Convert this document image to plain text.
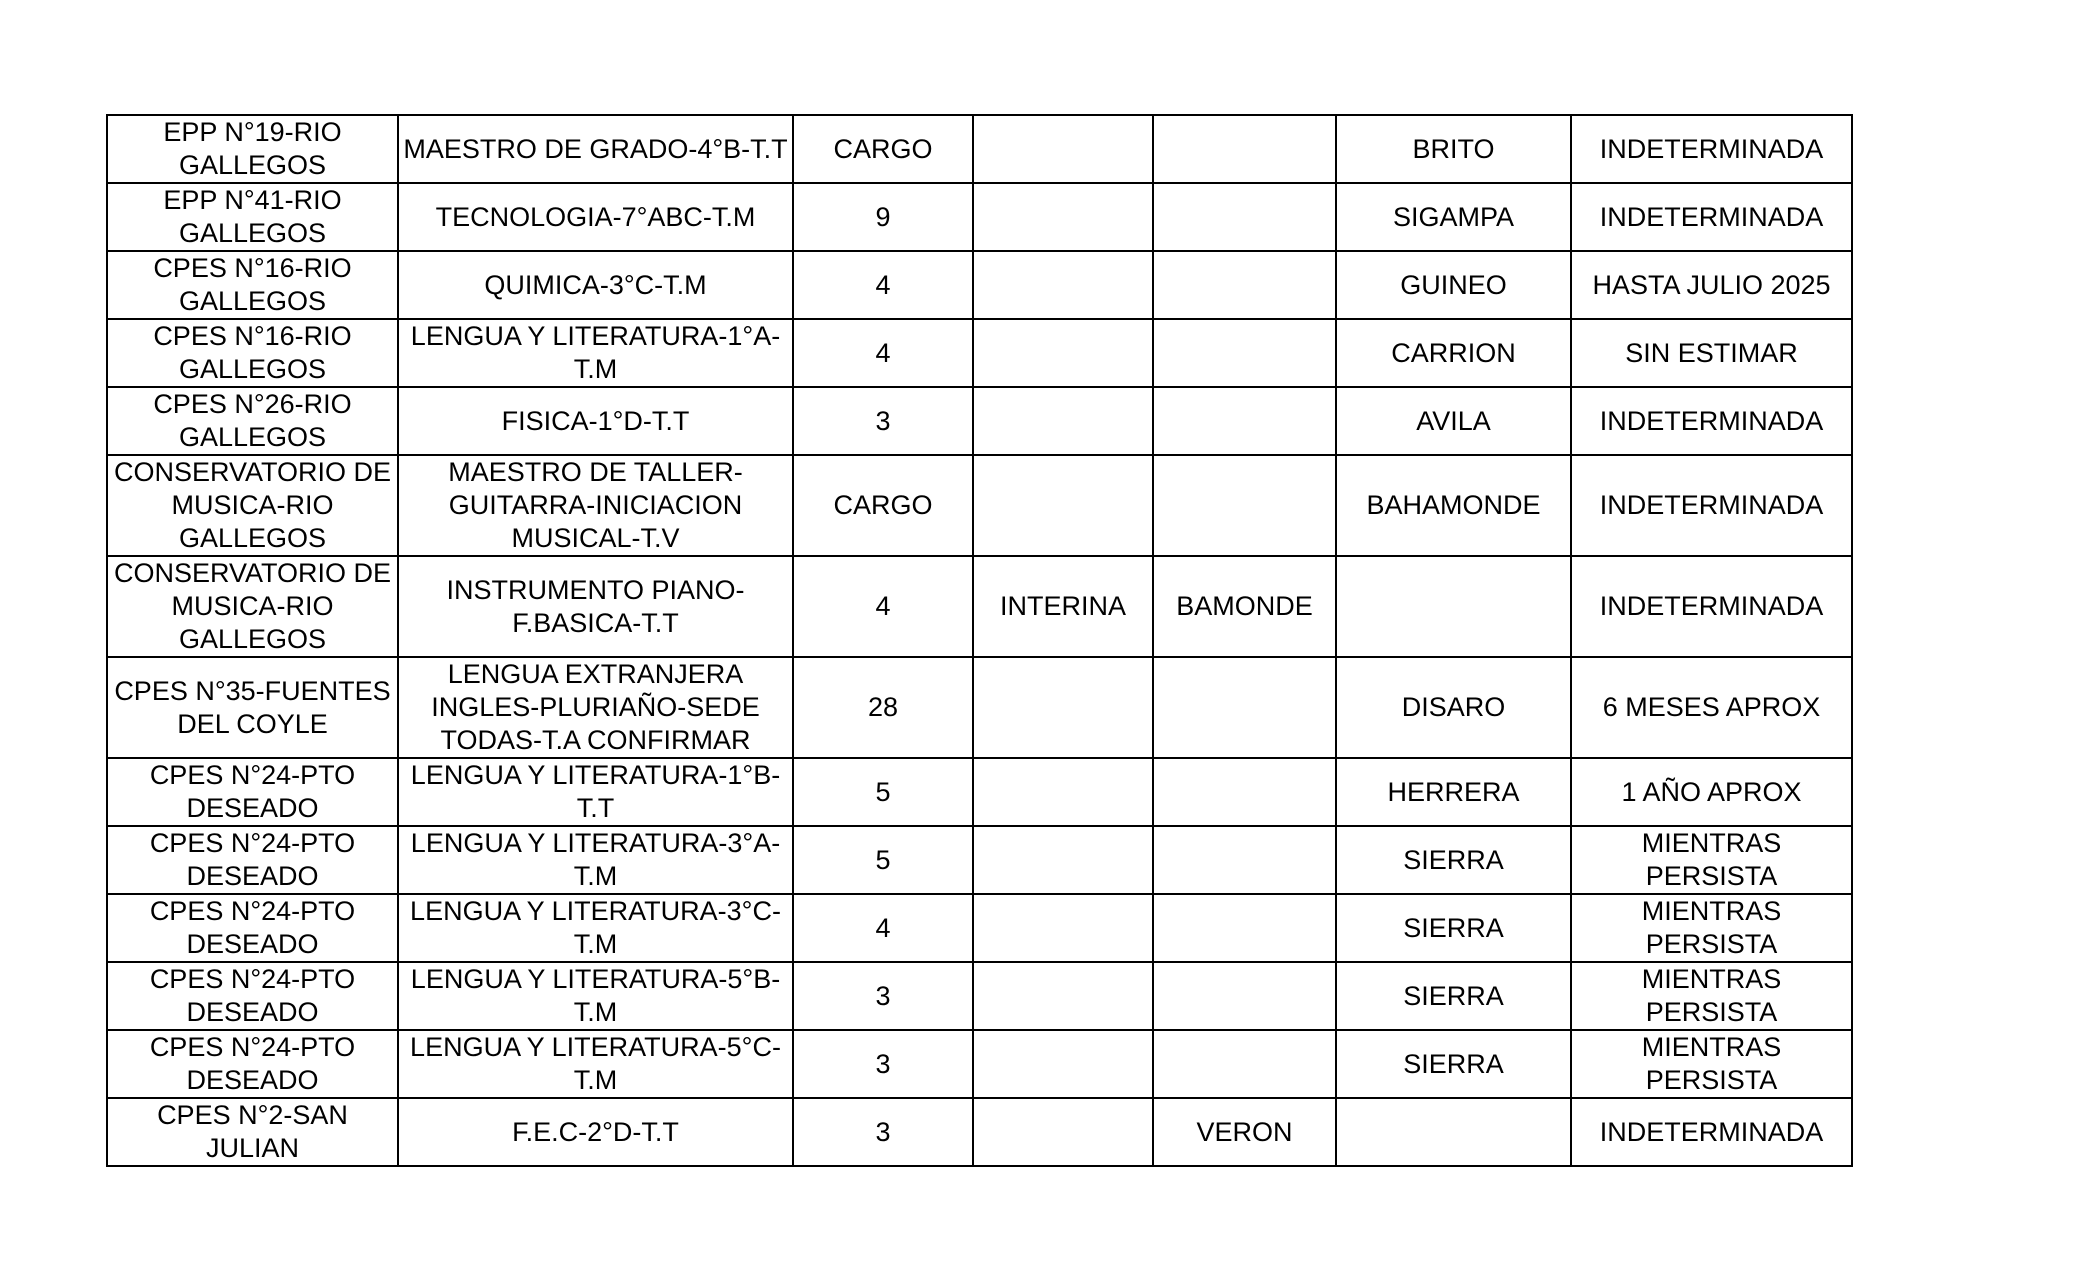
EPP N°19-RIO GALLEGOS	MAESTRO DE GRADO-4°B-T.T	CARGO			BRITO	INDETERMINADA
EPP N°41-RIO GALLEGOS	TECNOLOGIA-7°ABC-T.M	9			SIGAMPA	INDETERMINADA
CPES N°16-RIO GALLEGOS	QUIMICA-3°C-T.M	4			GUINEO	HASTA JULIO 2025
CPES N°16-RIO GALLEGOS	LENGUA Y LITERATURA-1°A-T.M	4			CARRION	SIN ESTIMAR
CPES N°26-RIO GALLEGOS	FISICA-1°D-T.T	3			AVILA	INDETERMINADA
CONSERVATORIO DE MUSICA-RIO GALLEGOS	MAESTRO DE TALLER-GUITARRA-INICIACION MUSICAL-T.V	CARGO			BAHAMONDE	INDETERMINADA
CONSERVATORIO DE MUSICA-RIO GALLEGOS	INSTRUMENTO PIANO-F.BASICA-T.T	4	INTERINA	BAMONDE		INDETERMINADA
CPES N°35-FUENTES DEL COYLE	LENGUA EXTRANJERA INGLES-PLURIAÑO-SEDE TODAS-T.A CONFIRMAR	28			DISARO	6 MESES APROX
CPES N°24-PTO DESEADO	LENGUA Y LITERATURA-1°B-T.T	5			HERRERA	1 AÑO APROX
CPES N°24-PTO DESEADO	LENGUA Y LITERATURA-3°A-T.M	5			SIERRA	MIENTRAS PERSISTA
CPES N°24-PTO DESEADO	LENGUA Y LITERATURA-3°C-T.M	4			SIERRA	MIENTRAS PERSISTA
CPES N°24-PTO DESEADO	LENGUA Y LITERATURA-5°B-T.M	3			SIERRA	MIENTRAS PERSISTA
CPES N°24-PTO DESEADO	LENGUA Y LITERATURA-5°C-T.M	3			SIERRA	MIENTRAS PERSISTA
CPES N°2-SAN JULIAN	F.E.C-2°D-T.T	3		VERON		INDETERMINADA
